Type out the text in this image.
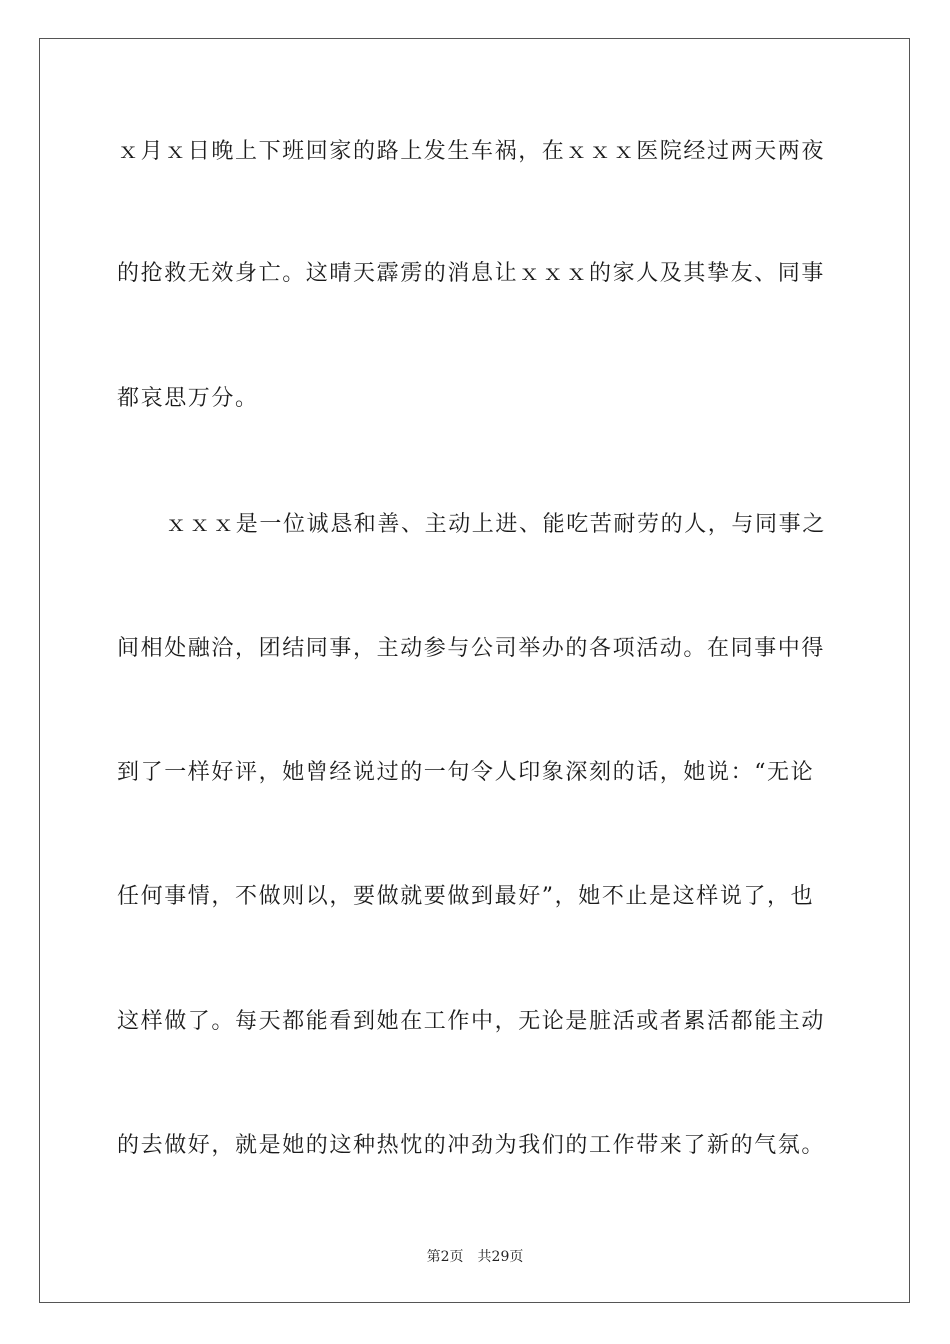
ｘ月ｘ日晚上下班回家的路上发生车祸，在ｘｘｘ医院经过两天两夜
的抢救无效身亡。这晴天霹雳的消息让ｘｘｘ的家人及其挚友、同事
都哀思万分。
ｘｘｘ是一位诚恳和善、主动上进、能吃苦耐劳的人，与同事之
间相处融洽，团结同事，主动参与公司举办的各项活动。在同事中得
到了一样好评，她曾经说过的一句令人印象深刻的话，她说：“无论
任何事情，不做则以，要做就要做到最好”，她不止是这样说了，也
这样做了。每天都能看到她在工作中，无论是脏活或者累活都能主动
的去做好，就是她的这种热忱的冲劲为我们的工作带来了新的气氛。
第2页 共29页
